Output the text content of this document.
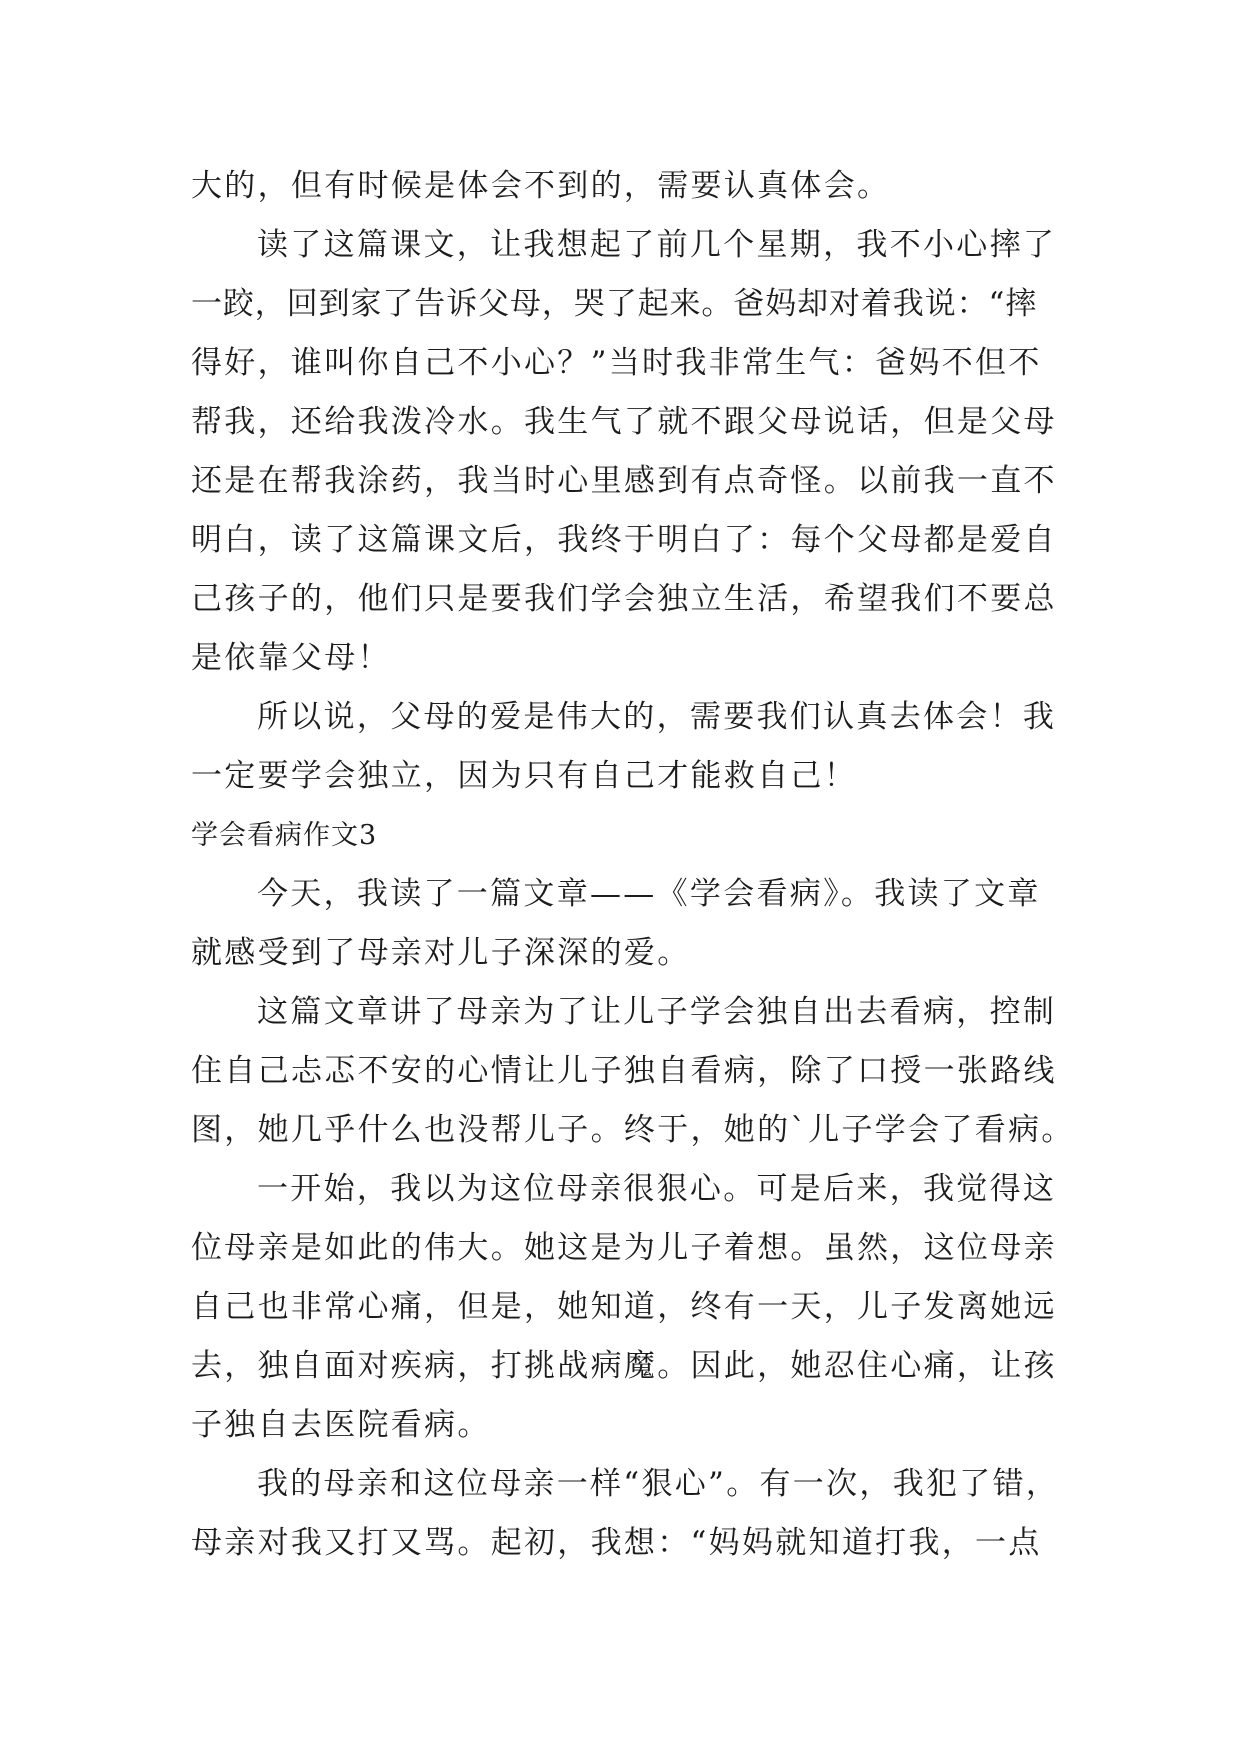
大的，但有时候是体会不到的，需要认真体会。
读了这篇课文，让我想起了前几个星期，我不小心摔了
一跤，回到家了告诉父母，哭了起来。爸妈却对着我说：“摔
得好，谁叫你自己不小心？”当时我非常生气：爸妈不但不
帮我，还给我泼冷水。我生气了就不跟父母说话，但是父母
还是在帮我涂药，我当时心里感到有点奇怪。以前我一直不
明白，读了这篇课文后，我终于明白了：每个父母都是爱自
己孩子的，他们只是要我们学会独立生活，希望我们不要总
是依靠父母！
所以说，父母的爱是伟大的，需要我们认真去体会！我
一定要学会独立，因为只有自己才能救自己！
学会看病作文3
今天，我读了一篇文章——《学会看病》。我读了文章
就感受到了母亲对儿子深深的爱。
这篇文章讲了母亲为了让儿子学会独自出去看病，控制
住自己忐忑不安的心情让儿子独自看病，除了口授一张路线
图，她几乎什么也没帮儿子。终于，她的`儿子学会了看病。
一开始，我以为这位母亲很狠心。可是后来，我觉得这
位母亲是如此的伟大。她这是为儿子着想。虽然，这位母亲
自己也非常心痛，但是，她知道，终有一天，儿子发离她远
去，独自面对疾病，打挑战病魔。因此，她忍住心痛，让孩
子独自去医院看病。
我的母亲和这位母亲一样“狠心”。有一次，我犯了错，
母亲对我又打又骂。起初，我想：“妈妈就知道打我，一点
